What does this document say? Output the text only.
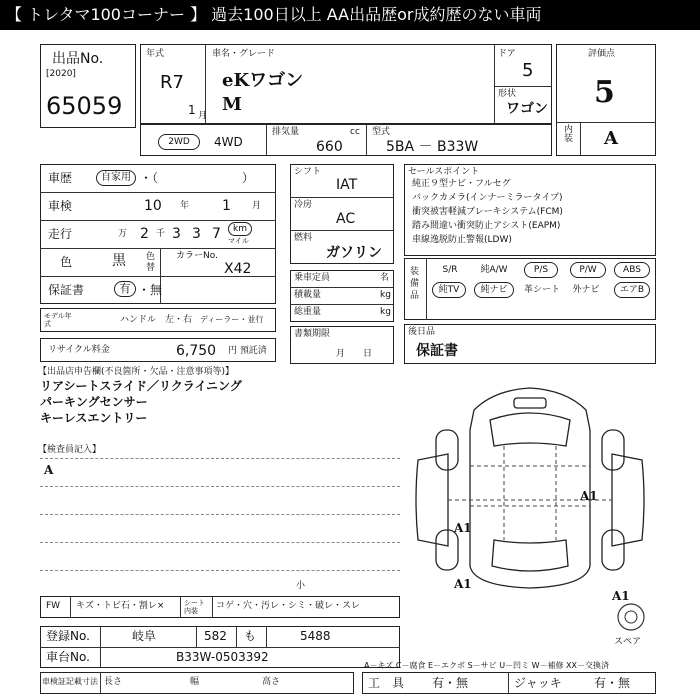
【 トレタマ100コーナー 】 過去100日以上 AA出品歴or成約歴のない車両
出品No.
[2020]
65059
年式
R7
1 月
車名・グレード
eKワゴン
M
ドア
5
形状
ワゴン
評価点
5
内装 A
2WD	4WD
排気量	cc
660
型式
5BA － B33W
車歴	自家用 ・（　　　　　　　）
車検	10 年 1 月
走行	万 2 千 3 3 7	km
マイル
色	黒 色替
カラーNo.
X42
保証書	有 ・無
モデル年式	ハンドル　左・右 ディーラー・並行
リサイクル料金	6,750 円 預託済
【出品店申告欄(不良箇所・欠品・注意事項等)】
リアシートスライド／リクライニング
パーキングセンサー
キーレスエントリー
【検査員記入】
A
シフト
IAT
冷房
AC
燃料
ガソリン
乗車定員	名
積載量	kg
総重量	kg
書類期限
月　　日
セールスポイント
純正９型ナビ・フルセグ
バックカメラ(インナーミラータイプ)
衝突被害軽減ブレーキシステム(FCM)
踏み間違い衝突防止アシスト(EAPM)
車線逸脱防止警報(LDW)
装備品
S/R	純A/W	P/S	P/W	ABS
純TV	純ナビ	革シート	外ナビ	エアB
後日品
保証書
A1
A1
A1
A1
スペア
FW キズ・トビ石・割レ×	シート内装	コゲ・穴・汚レ・シミ・破レ・スレ
小
登録No.	岐阜	582 も	5488
車台No.	B33W-0503392
A－キズ C－腐食 E－エクボ S－サビ U－凹ミ W－補修 XX－交換済
車検証記載寸法 長さ	幅	高さ	工　具 有・無	ジャッキ	有・無
